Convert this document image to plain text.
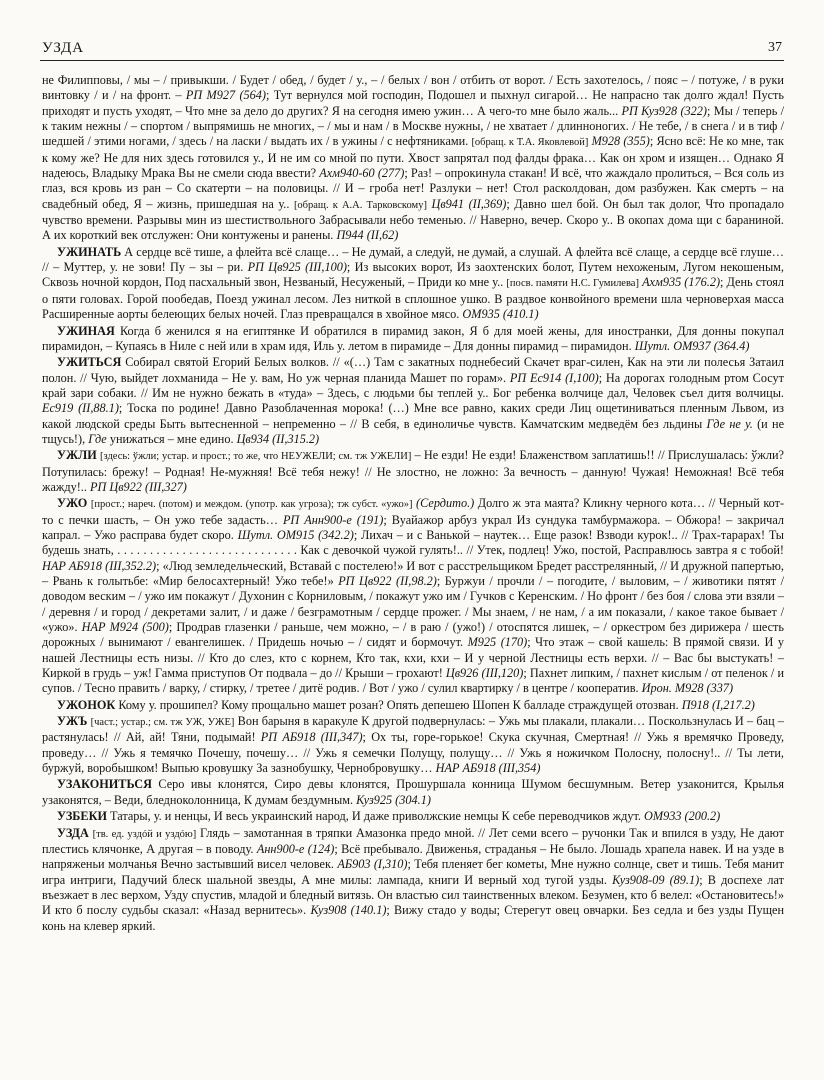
УЗДА	37

не Филипповы, / мы – / привыкши. / Будет / обед, / будет / у., – / белых / вон / отбить от ворот. / Есть захотелось, / пояс – / потуже, / в руки винтовку / и / на фронт. – РП М927 (564); Тут вернулся мой господин, Подошел и пыхнул сигарой… Не напрасно так долго ждал! Пусть приходят и пусть уходят, – Что мне за дело до других? Я на сегодня имею ужин… А чего-то мне было жаль... РП Куз928 (322); Мы / теперь / к таким нежны / – спортом / выпрямишь не многих, – / мы и нам / в Москве нужны, / не хватает / длинноногих. / Не тебе, / в снега / и в тиф / шедшей / этими ногами, / здесь / на ласки / выдать их / в ужины / с нефтяниками. [обращ. к Т.А. Яковлевой] М928 (355); Ясно всё: Не ко мне, так к кому же? Не для них здесь готовился у., И не им со мной по пути. Хвост запрятал под фалды фрака… Как он хром и изящен… Однако Я надеюсь, Владыку Мрака Вы не смели сюда ввести? Ахм940-60 (277); Раз! – опрокинула стакан! И всё, что жаждало пролиться, – Вся соль из глаз, вся кровь из ран – Со скатерти – на половицы. // И – гроба нет! Разлуки – нет! Стол расколдован, дом разбужен. Как смерть – на свадебный обед, Я – жизнь, пришедшая на у.. [обращ. к А.А. Тарковскому] Цв941 (II,369); Давно шел бой. Он был так долог, Что пропадало чувство времени. Разрывы мин из шестиствольного Забрасывали небо теменью. // Наверно, вечер. Скоро у.. В окопах дома щи с бараниной. А их короткий век отслужен: Они контужены и ранены. П944 (II,62)

УЖИНАТЬ А сердце всё тише, а флейта всё слаще… – Не думай, а следуй, не думай, а слушай. А флейта всё слаще, а сердце всё глуше… // – Муттер, у. не зови! Пу – зы – ри. РП Цв925 (III,100); Из высоких ворот, Из заохтенских болот, Путем нехоженым, Лугом некошеным, Сквозь ночной кордон, Под пасхальный звон, Незваный, Несуженый, – Приди ко мне у.. [посв. памяти Н.С. Гумилева] Ахм935 (176.2); День стоял о пяти головах. Горой пообедав, Поезд ужинал лесом. Лез ниткой в сплошное ушко. В раздвое конвойного времени шла черноверхая масса Расширенные аорты белеющих белых ночей. Глаз превращался в хвойное мясо. ОМ935 (410.1)

УЖИНАЯ Когда б женился я на египтянке И обратился в пирамид закон, Я б для моей жены, для иностранки, Для донны покупал пирамидон, – Купаясь в Ниле с ней или в храм идя, Иль у. летом в пирамиде – Для донны пирамид – пирамидон. Шутл. ОМ937 (364.4)

УЖИТЬСЯ Собирал святой Егорий Белых волков. // «(…) Там с закатных поднебесий Скачет враг-силен, Как на эти ли полесья Затаил полон. // Чую, выйдет лохманида – Не у. вам, Но уж черная планида Машет по горам». РП Ес914 (I,100); На дорогах голодным ртом Сосут край зари собаки. // Им не нужно бежать в «туда» – Здесь, с людьми бы теплей у.. Бог ребенка волчице дал, Человек съел дитя волчицы. Ес919 (II,88.1); Тоска по родине! Давно Разоблаченная морока! (…) Мне все равно, каких среди Лиц ощетиниваться пленным Львом, из какой людской среды Быть вытесненной – непременно – // В себя, в единоличье чувств. Камчатским медведём без льдины Где не у. (и не тщусь!), Где унижаться – мне едино. Цв934 (II,315.2)

УЖЛИ [здесь: ўжли; устар. и прост.; то же, что НЕУЖЕЛИ; см. тж УЖЕЛИ] – Не езди! Не езди! Блаженством заплатишь!! // Прислушалась: ўжли? Потупилась: брежу! – Родная! Не-мужняя! Всё тебя нежу! // Не злостно, не ложно: За вечность – данную! Чужая! Неможная! Всё тебя жажду!.. РП Цв922 (III,327)

УЖО [прост.; нареч. (потом) и междом. (употр. как угроза); тж субст. «ужо»] (Сердито.) Долго ж эта маята? Кликну черного кота… // Черный кот-то с печки шасть, – Он ужо тебе задасть… РП Анн900-е (191); Вуайажор арбуз украл Из сундука тамбурмажора. – Обжора! – закричал капрал. – Ужо расправа будет скоро. Шутл. ОМ915 (342.2); Лихач – и с Ванькой – наутек… Еще разок! Взводи курок!.. // Трах-тарарах! Ты будешь знать, . . . . . . . . . . . . . . . . . . . . . . . . . . . . Как с девочкой чужой гулять!.. // Утек, подлец! Ужо, постой, Расправлюсь завтра я с тобой! НАР АБ918 (III,352.2); «Люд земледельческий, Вставай с постелею!» И вот с расстрельщиком Бредет расстрелянный, // И дружной папертью, – Рвань к голытьбе: «Мир белосахтерный! Ужо тебе!» РП Цв922 (II,98.2); Буржуи / прочли / – погодите, / выловим, – / животики пятят / доводом веским – / ужо им покажут / Духонин с Корниловым, / покажут ужо им / Гучков с Керенским. / Но фронт / без боя / слова эти взяли – / деревня / и город / декретами залит, / и даже / безграмотным / сердце прожег. / Мы знаем, / не нам, / а им показали, / какое такое бывает / «ужо». НАР М924 (500); Продрав глазенки / раньше, чем можно, – / в раю / (ужо!) / отоспятся лишек, – / оркестром без дирижера / шесть дорожных / вынимают / евангелишек. / Придешь ночью – / сидят и бормочут. М925 (170); Что этаж – свой кашель: В прямой связи. И у нашей Лестницы есть низы. // Кто до слез, кто с корнем, Кто так, кхи, кхи – И у черной Лестницы есть верхи. // – Вас бы выстукать! – Киркой в грудь – уж! Гамма приступов От подвала – до // Крыши – грохают! Цв926 (III,120); Пахнет липким, / пахнет кислым / от пеленок / и супов. / Тесно править / варку, / стирку, / третее / дитё родив. / Вот / ужо / сулил квартирку / в центре / кооператив. Ирон. М928 (337)

УЖОНОК Кому у. прошипел? Кому прощально машет розан? Опять депешею Шопен К балладе страждущей отозван. П918 (I,217.2)

УЖЪ [част.; устар.; см. тж УЖ, УЖЕ] Вон барыня в каракуле К другой подвернулась: – Ужь мы плакали, плакали… Поскользнулась И – бац – растянулась! // Ай, ай! Тяни, подымай! РП АБ918 (III,347); Ох ты, горе-горькое! Скука скучная, Смертная! // Ужь я времячко Проведу, проведу… // Ужь я темячко Почешу, почешу… // Ужь я семечки Полущу, полущу… // Ужь я ножичком Полосну, полосну!.. // Ты лети, буржуй, воробышком! Выпью кровушку За зазнобушку, Чернобровушку… НАР АБ918 (III,354)

УЗАКОНИТЬСЯ Серо ивы клонятся, Сиро девы клонятся, Прошуршала конница Шумом бесшумным. Ветер узаконится, Крылья узаконятся, – Веди, бледноколонница, К думам бездумным. Куз925 (304.1)

УЗБЕКИ Татары, у. и ненцы, И весь украинский народ, И даже приволжские немцы К себе переводчиков ждут. ОМ933 (200.2)

УЗДА [тв. ед. уздóй и уздóю] Глядь – замотанная в тряпки Амазонка предо мной. // Лет семи всего – ручонки Так и впился в узду, Не дают плестись клячонке, А другая – в поводу. Анн900-е (124); Всё пребывало. Движенья, страданья – Не было. Лошадь храпела навек. И на узде в напряженьи молчанья Вечно застывший висел человек. АБ903 (I,310); Тебя пленяет бег кометы, Мне нужно солнце, свет и тишь. Тебя манит игра интриги, Падучий блеск шальной звезды, А мне милы: лампада, книги И верный ход тугой узды. Куз908-09 (89.1); В доспехе лат въезжает в лес верхом, Узду спустив, младой и бледный витязь. Он властью сил таинственных влеком. Безумен, кто б велел: «Остановитесь!» И кто б послу судьбы сказал: «Назад вернитесь». Куз908 (140.1); Вижу стадо у воды; Стерегут овец овчарки. Без седла и без узды Пущен конь на клевер яркий.
